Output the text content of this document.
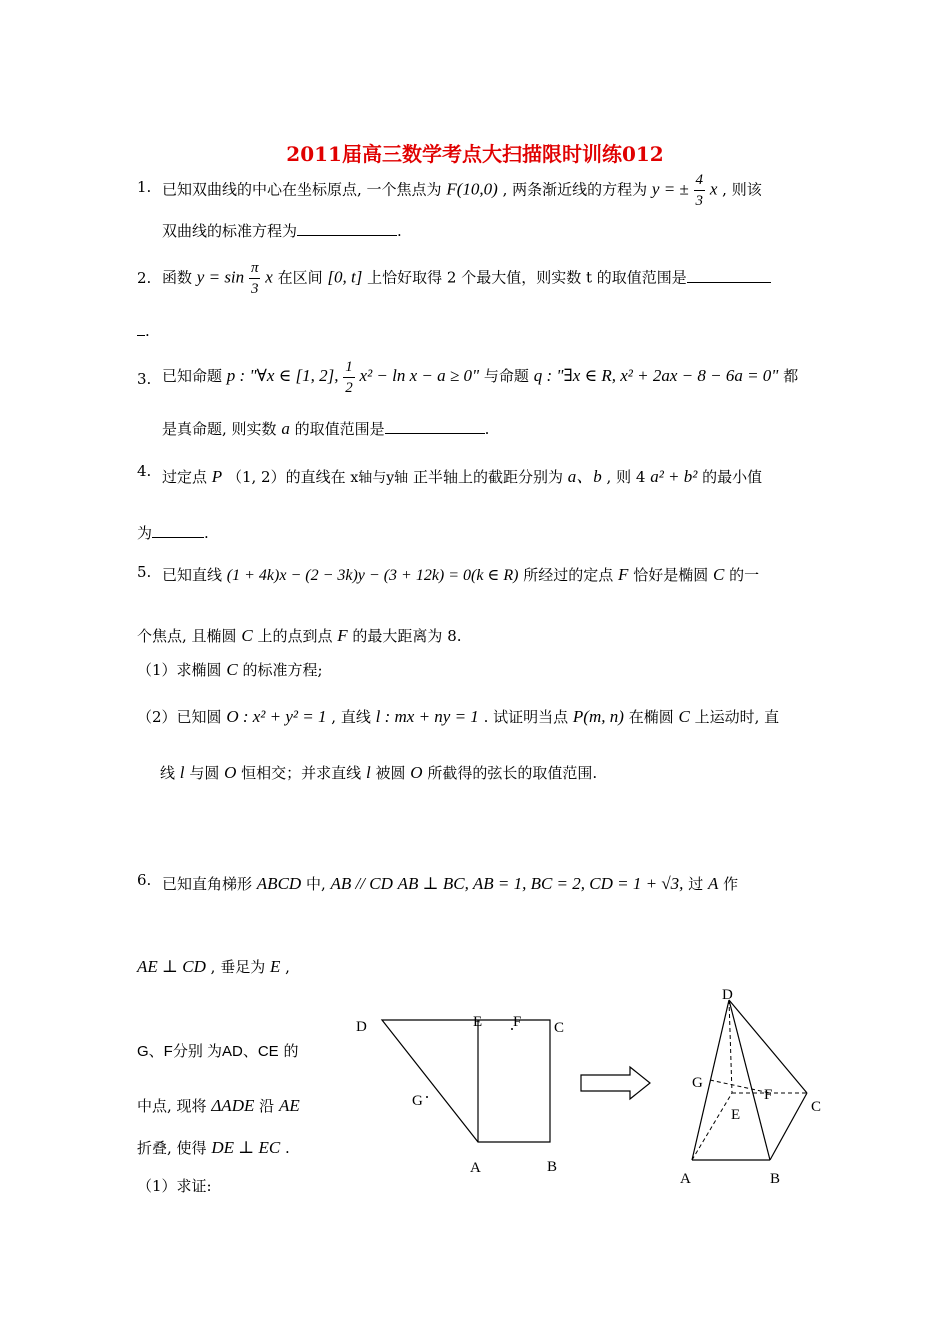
2011届高三数学考点大扫描限时训练012
1. 已知双曲线的中心在坐标原点, 一个焦点为 F(10,0) , 两条渐近线的方程为 y = ± $\frac{4}{3}$ x , 则该
双曲线的标准方程为	.
2. 函数 $y = \sin \frac{\pi}{3}$ x 在区间 [0, t] 上恰好取得 2 个最大值，则实数 t 的取值范围是
.
3. 已知命题 p : "∀x ∈ [1, 2], $\frac{1}{2} x^2 - \ln x - a \ge 0$" 与命题 q : "∃x ∈ R, x² + 2ax − 8 − 6a = 0" 都
是真命题, 则实数 a 的取值范围是	.
4. 过定点 P （1, 2）的直线在 x轴与y轴 正半轴上的截距分别为 a、b , 则 4 a² + b² 的最小值
为	.
5. 已知直线 (1 + 4k)x − (2 − 3k)y − (3 + 12k) = 0(k ∈ R) 所经过的定点 F 恰好是椭圆 C 的一
个焦点, 且椭圆 C 上的点到点 F 的最大距离为 8.
（1）求椭圆 C 的标准方程;
（2）已知圆 O : x² + y² = 1 , 直线 l : mx + ny = 1 . 试证明当点 P(m, n) 在椭圆 C 上运动时, 直
线 l 与圆 O 恒相交；并求直线 l 被圆 O 所截得的弦长的取值范围.
6. 已知直角梯形 ABCD 中, AB // CD AB ⊥ BC, AB = 1, BC = 2, CD = 1 + √3, 过 A 作
AE ⊥ CD , 垂足为 E ,
G、F分别 为AD、CE 的
中点, 现将 ΔADE 沿 AE
折叠, 使得 DE ⊥ EC .
（1）求证:
D	E F C
G
A	B
D
G
F
E	C
A	B
